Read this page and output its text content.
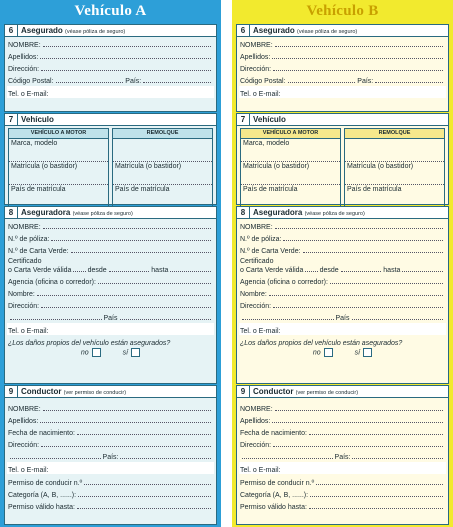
Vehículo A
6 Asegurado (véase póliza de seguro)
NOMBRE:
Apellidos:
Dirección:
Código Postal:	País:
Tel. o E-mail:
7 Vehículo
VEHÍCULO A MOTOR
Marca, modelo
Matrícula (o bastidor)
País de matrícula
REMOLQUE
Matrícula (o bastidor)
País de matrícula
8 Aseguradora (véase póliza de seguro)
NOMBRE:
N.º de póliza:
N.º de Carta Verde:
Certificado
o Carta Verde válida desde	hasta
Agencia (oficina o corredor):
Nombre:
Dirección:
País
Tel. o E-mail:
¿Los daños propios del vehículo están asegurados?
no	sí
9 Conductor (ver permiso de conducir)
NOMBRE:
Apellidos:
Fecha de nacimiento:
Dirección:
País:
Tel. o E-mail:
Permiso de conducir n.º
Categoría (A, B, ......):
Permiso válido hasta:
Vehículo B
6 Asegurado (véase póliza de seguro)
NOMBRE:
Apellidos:
Dirección:
Código Postal:	País:
Tel. o E-mail:
7 Vehículo
VEHÍCULO A MOTOR
Marca, modelo
Matrícula (o bastidor)
País de matrícula
REMOLQUE
Matrícula (o bastidor)
País de matrícula
8 Aseguradora (véase póliza de seguro)
NOMBRE:
N.º de póliza:
N.º de Carta Verde:
Certificado
o Carta Verde válida desde	hasta
Agencia (oficina o corredor):
Nombre:
Dirección:
País
Tel. o E-mail:
¿Los daños propios del vehículo están asegurados?
no	sí
9 Conductor (ver permiso de conducir)
NOMBRE:
Apellidos:
Fecha de nacimiento:
Dirección:
País:
Tel. o E-mail:
Permiso de conducir n.º
Categoría (A, B, ......):
Permiso válido hasta:
